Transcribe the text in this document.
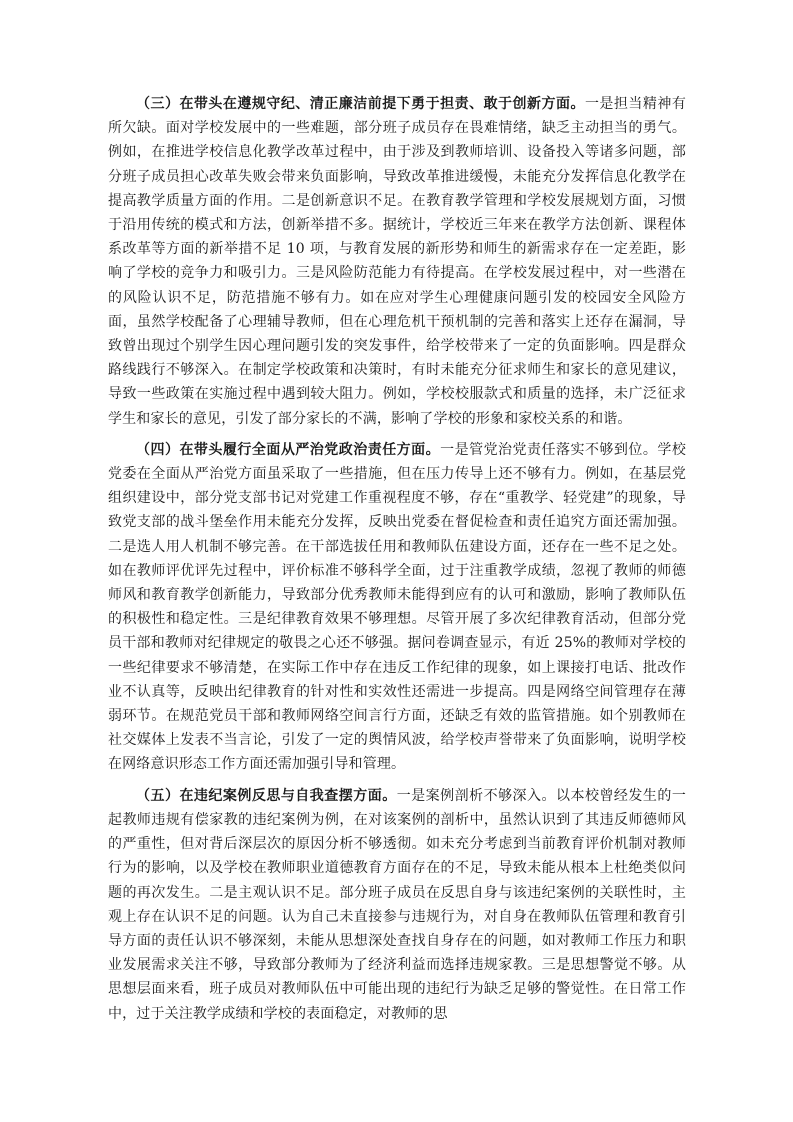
（三）在带头在遵规守纪、清正廉洁前提下勇于担责、敢于创新方面。一是担当精神有所欠缺。面对学校发展中的一些难题，部分班子成员存在畏难情绪，缺乏主动担当的勇气。例如，在推进学校信息化教学改革过程中，由于涉及到教师培训、设备投入等诸多问题，部分班子成员担心改革失败会带来负面影响，导致改革推进缓慢，未能充分发挥信息化教学在提高教学质量方面的作用。二是创新意识不足。在教育教学管理和学校发展规划方面，习惯于沿用传统的模式和方法，创新举措不多。据统计，学校近三年来在教学方法创新、课程体系改革等方面的新举措不足 10 项，与教育发展的新形势和师生的新需求存在一定差距，影响了学校的竞争力和吸引力。三是风险防范能力有待提高。在学校发展过程中，对一些潜在的风险认识不足，防范措施不够有力。如在应对学生心理健康问题引发的校园安全风险方面，虽然学校配备了心理辅导教师，但在心理危机干预机制的完善和落实上还存在漏洞，导致曾出现过个别学生因心理问题引发的突发事件，给学校带来了一定的负面影响。四是群众路线践行不够深入。在制定学校政策和决策时，有时未能充分征求师生和家长的意见建议，导致一些政策在实施过程中遇到较大阻力。例如，学校校服款式和质量的选择，未广泛征求学生和家长的意见，引发了部分家长的不满，影响了学校的形象和家校关系的和谐。

（四）在带头履行全面从严治党政治责任方面。一是管党治党责任落实不够到位。学校党委在全面从严治党方面虽采取了一些措施，但在压力传导上还不够有力。例如，在基层党组织建设中，部分党支部书记对党建工作重视程度不够，存在“重教学、轻党建”的现象，导致党支部的战斗堡垒作用未能充分发挥，反映出党委在督促检查和责任追究方面还需加强。二是选人用人机制不够完善。在干部选拔任用和教师队伍建设方面，还存在一些不足之处。如在教师评优评先过程中，评价标准不够科学全面，过于注重教学成绩，忽视了教师的师德师风和教育教学创新能力，导致部分优秀教师未能得到应有的认可和激励，影响了教师队伍的积极性和稳定性。三是纪律教育效果不够理想。尽管开展了多次纪律教育活动，但部分党员干部和教师对纪律规定的敬畏之心还不够强。据问卷调查显示，有近 25%的教师对学校的一些纪律要求不够清楚，在实际工作中存在违反工作纪律的现象，如上课接打电话、批改作业不认真等，反映出纪律教育的针对性和实效性还需进一步提高。四是网络空间管理存在薄弱环节。在规范党员干部和教师网络空间言行方面，还缺乏有效的监管措施。如个别教师在社交媒体上发表不当言论，引发了一定的舆情风波，给学校声誉带来了负面影响，说明学校在网络意识形态工作方面还需加强引导和管理。

（五）在违纪案例反思与自我查摆方面。一是案例剖析不够深入。以本校曾经发生的一起教师违规有偿家教的违纪案例为例，在对该案例的剖析中，虽然认识到了其违反师德师风的严重性，但对背后深层次的原因分析不够透彻。如未充分考虑到当前教育评价机制对教师行为的影响，以及学校在教师职业道德教育方面存在的不足，导致未能从根本上杜绝类似问题的再次发生。二是主观认识不足。部分班子成员在反思自身与该违纪案例的关联性时，主观上存在认识不足的问题。认为自己未直接参与违规行为，对自身在教师队伍管理和教育引导方面的责任认识不够深刻，未能从思想深处查找自身存在的问题，如对教师工作压力和职业发展需求关注不够，导致部分教师为了经济利益而选择违规家教。三是思想警觉不够。从思想层面来看，班子成员对教师队伍中可能出现的违纪行为缺乏足够的警觉性。在日常工作中，过于关注教学成绩和学校的表面稳定，对教师的思
